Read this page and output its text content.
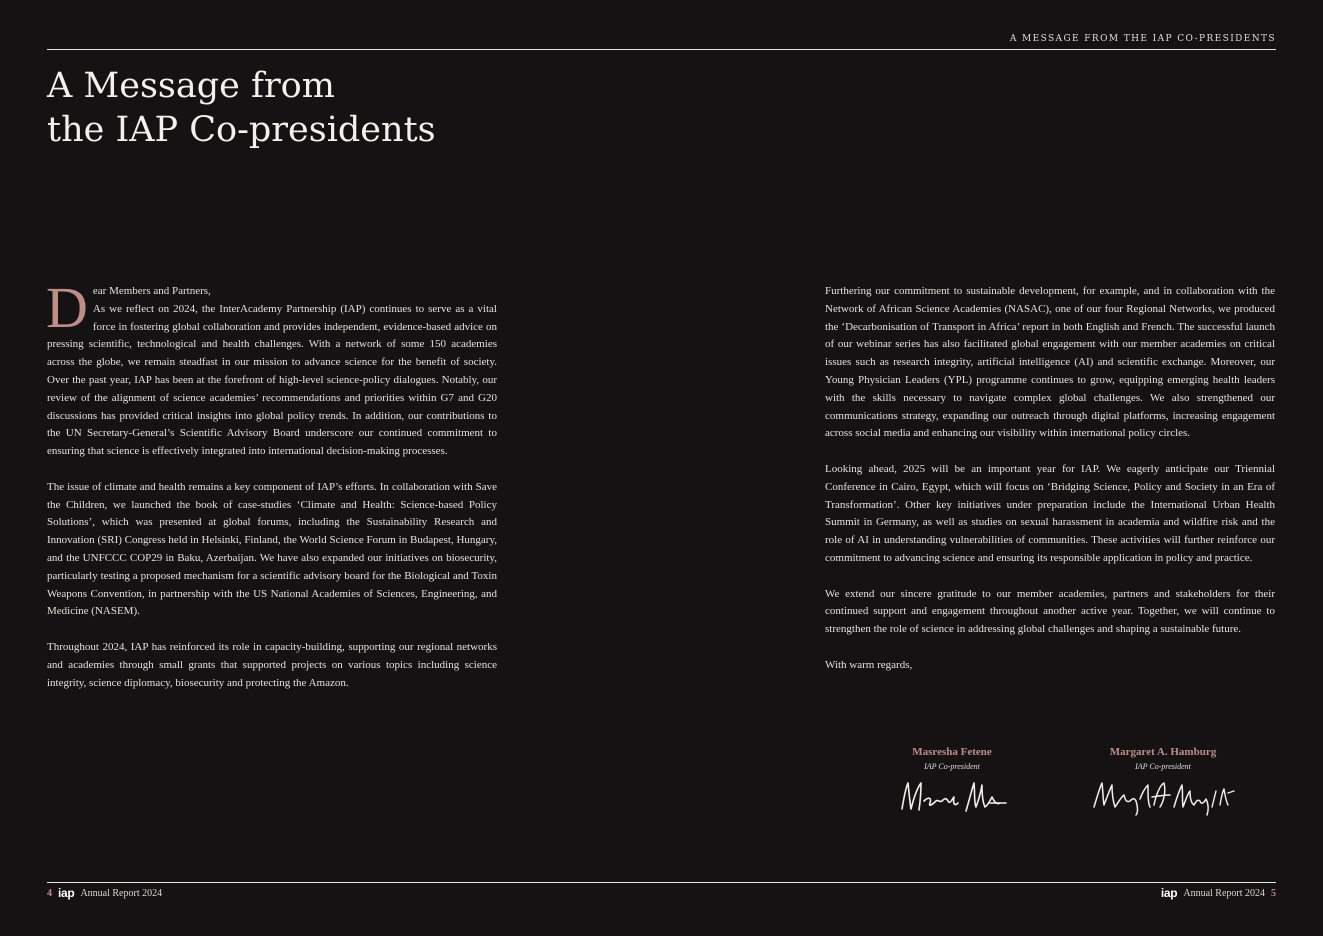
A MESSAGE FROM THE IAP CO-PRESIDENTS
A Message from
the IAP Co-presidents

D ear Members and Partners,
As we reflect on 2024, the InterAcademy Partnership (IAP) continues to serve as a vital force in fostering global collaboration and provides independent, evidence-based advice on pressing scientific, technological and health challenges. With a network of some 150 academies across the globe, we remain steadfast in our mission to advance science for the benefit of society. Over the past year, IAP has been at the forefront of high-level science-policy dialogues. Notably, our review of the alignment of science academies’ recommendations and priorities within G7 and G20 discussions has provided critical insights into global policy trends. In addition, our contributions to the UN Secretary-General’s Scientific Advisory Board underscore our continued commitment to ensuring that science is effectively integrated into international decision-making processes.

The issue of climate and health remains a key component of IAP’s efforts. In collaboration with Save the Children, we launched the book of case-studies ‘Climate and Health: Science-based Policy Solutions’, which was presented at global forums, including the Sustainability Research and Innovation (SRI) Congress held in Helsinki, Finland, the World Science Forum in Budapest, Hungary, and the UNFCCC COP29 in Baku, Azerbaijan. We have also expanded our initiatives on biosecurity, particularly testing a proposed mechanism for a scientific advisory board for the Biological and Toxin Weapons Convention, in partnership with the US National Academies of Sciences, Engineering, and Medicine (NASEM).

Throughout 2024, IAP has reinforced its role in capacity-building, supporting our regional networks and academies through small grants that supported projects on various topics including science integrity, science diplomacy, biosecurity and protecting the Amazon.

Furthering our commitment to sustainable development, for example, and in collaboration with the Network of African Science Academies (NASAC), one of our four Regional Networks, we produced the ‘Decarbonisation of Transport in Africa’ report in both English and French. The successful launch of our webinar series has also facilitated global engagement with our member academies on critical issues such as research integrity, artificial intelligence (AI) and scientific exchange. Moreover, our Young Physician Leaders (YPL) programme continues to grow, equipping emerging health leaders with the skills necessary to navigate complex global challenges. We also strengthened our communications strategy, expanding our outreach through digital platforms, increasing engagement across social media and enhancing our visibility within international policy circles.

Looking ahead, 2025 will be an important year for IAP. We eagerly anticipate our Triennial Conference in Cairo, Egypt, which will focus on ‘Bridging Science, Policy and Society in an Era of Transformation’. Other key initiatives under preparation include the International Urban Health Summit in Germany, as well as studies on sexual harassment in academia and wildfire risk and the role of AI in understanding vulnerabilities of communities. These activities will further reinforce our commitment to advancing science and ensuring its responsible application in policy and practice.

We extend our sincere gratitude to our member academies, partners and stakeholders for their continued support and engagement throughout another active year. Together, we will continue to strengthen the role of science in addressing global challenges and shaping a sustainable future.

With warm regards,

Masresha Fetene
IAP Co-president
Margaret A. Hamburg
IAP Co-president
4 iap Annual Report 2024	iap Annual Report 2024 5
